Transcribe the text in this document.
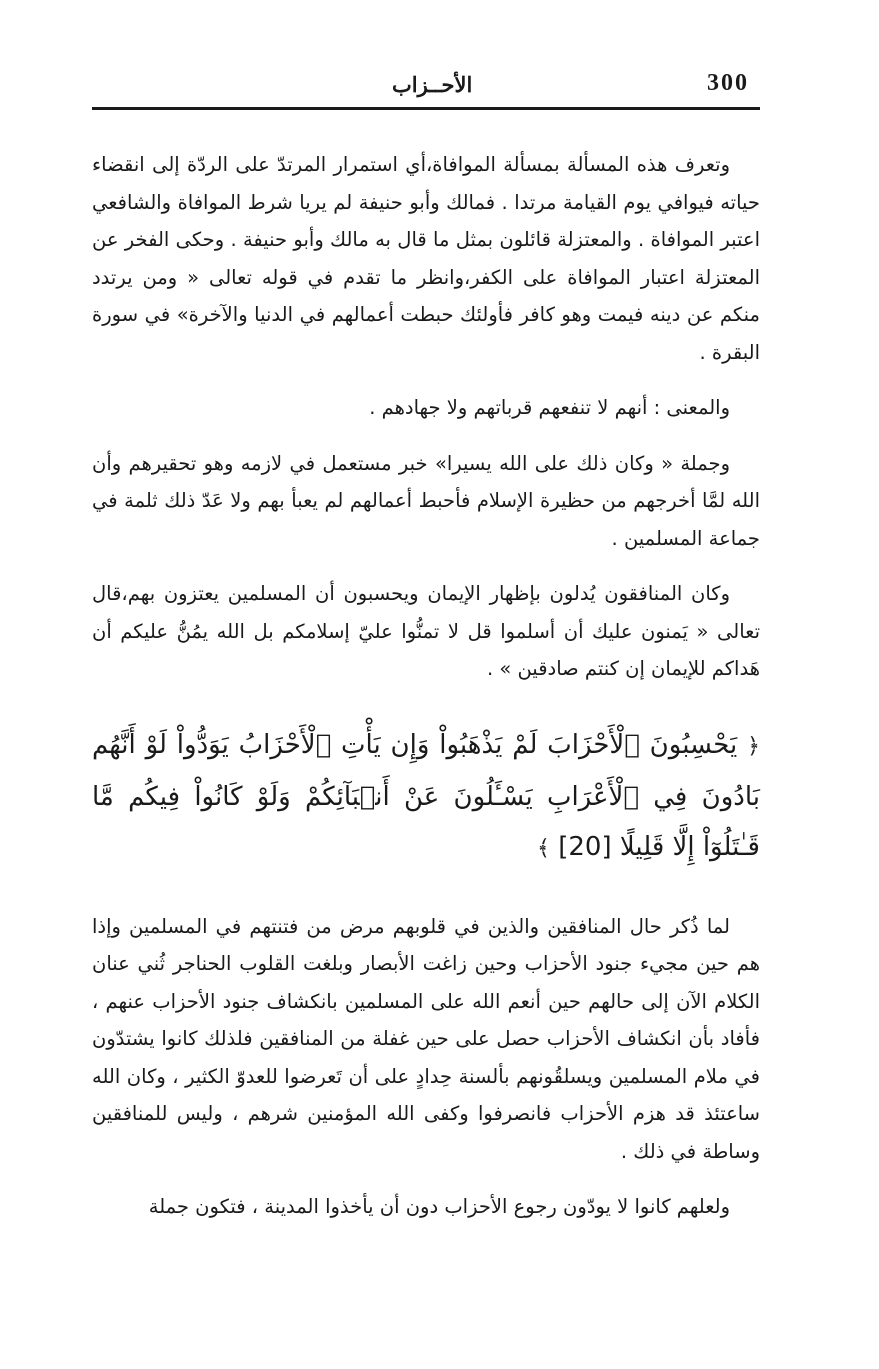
300
الأحــزاب

وتعرف هذه المسألة بمسألة الموافاة،أي استمرار المرتدّ على الردّة إلى انقضاء حياته فيوافي يوم القيامة مرتدا . فمالك وأبو حنيفة لم يريا شرط الموافاة والشافعي اعتبر الموافاة . والمعتزلة قائلون بمثل ما قال به مالك وأبو حنيفة . وحكى الفخر عن المعتزلة اعتبار الموافاة على الكفر،وانظر ما تقدم في قوله تعالى « ومن يرتدد منكم عن دينه فيمت وهو كافر فأولئك حبطت أعمالهم في الدنيا والآخرة» في سورة البقرة .

والمعنى : أنهم لا تنفعهم قرباتهم ولا جهادهم .

وجملة « وكان ذلك على الله يسيرا» خبر مستعمل في لازمه وهو تحقيرهم وأن الله لمَّا أخرجهم من حظيرة الإسلام فأحبط أعمالهم لم يعبأ بهم ولا عَدّ ذلك ثلمة في جماعة المسلمين .

وكان المنافقون يُدلون بإظهار الإيمان ويحسبون أن المسلمين يعتزون بهم،قال تعالى « يَمنون عليك أن أسلموا قل لا تمنُّوا عليّ إسلامكم بل الله يمُنُّ عليكم أن هَداكم للإيمان إن كنتم صادقين » .

﴿ يَحْسِبُونَ ٱلْأَحْزَابَ لَمْ يَذْهَبُواْ وَإِن يَأْتِ ٱلْأَحْزَابُ يَوَدُّواْ لَوْ أَنَّهُم بَادُونَ فِي ٱلْأَعْرَابِ يَسْـَٔلُونَ عَنْ أَنۢبَآئِكُمْ وَلَوْ كَانُواْ فِيكُم مَّا قَـٰتَلُوٓاْ إِلَّا قَلِيلًا [20] ﴾

لما ذُكر حال المنافقين والذين في قلوبهم مرض من فتنتهم في المسلمين وإذا هم حين مجيء جنود الأحزاب وحين زاغت الأبصار وبلغت القلوب الحناجر ثُني عنان الكلام الآن إلى حالهم حين أنعم الله على المسلمين بانكشاف جنود الأحزاب عنهم ، فأفاد بأن انكشاف الأحزاب حصل على حين غفلة من المنافقين فلذلك كانوا يشتدّون في ملام المسلمين ويسلقُونهم بألسنة حِدادٍ على أن تَعرضوا للعدوّ الكثير ، وكان الله ساعتئذ قد هزم الأحزاب فانصرفوا وكفى الله المؤمنين شرهم ، وليس للمنافقين وساطة في ذلك .

ولعلهم كانوا لا يودّون رجوع الأحزاب دون أن يأخذوا المدينة ، فتكون جملة
